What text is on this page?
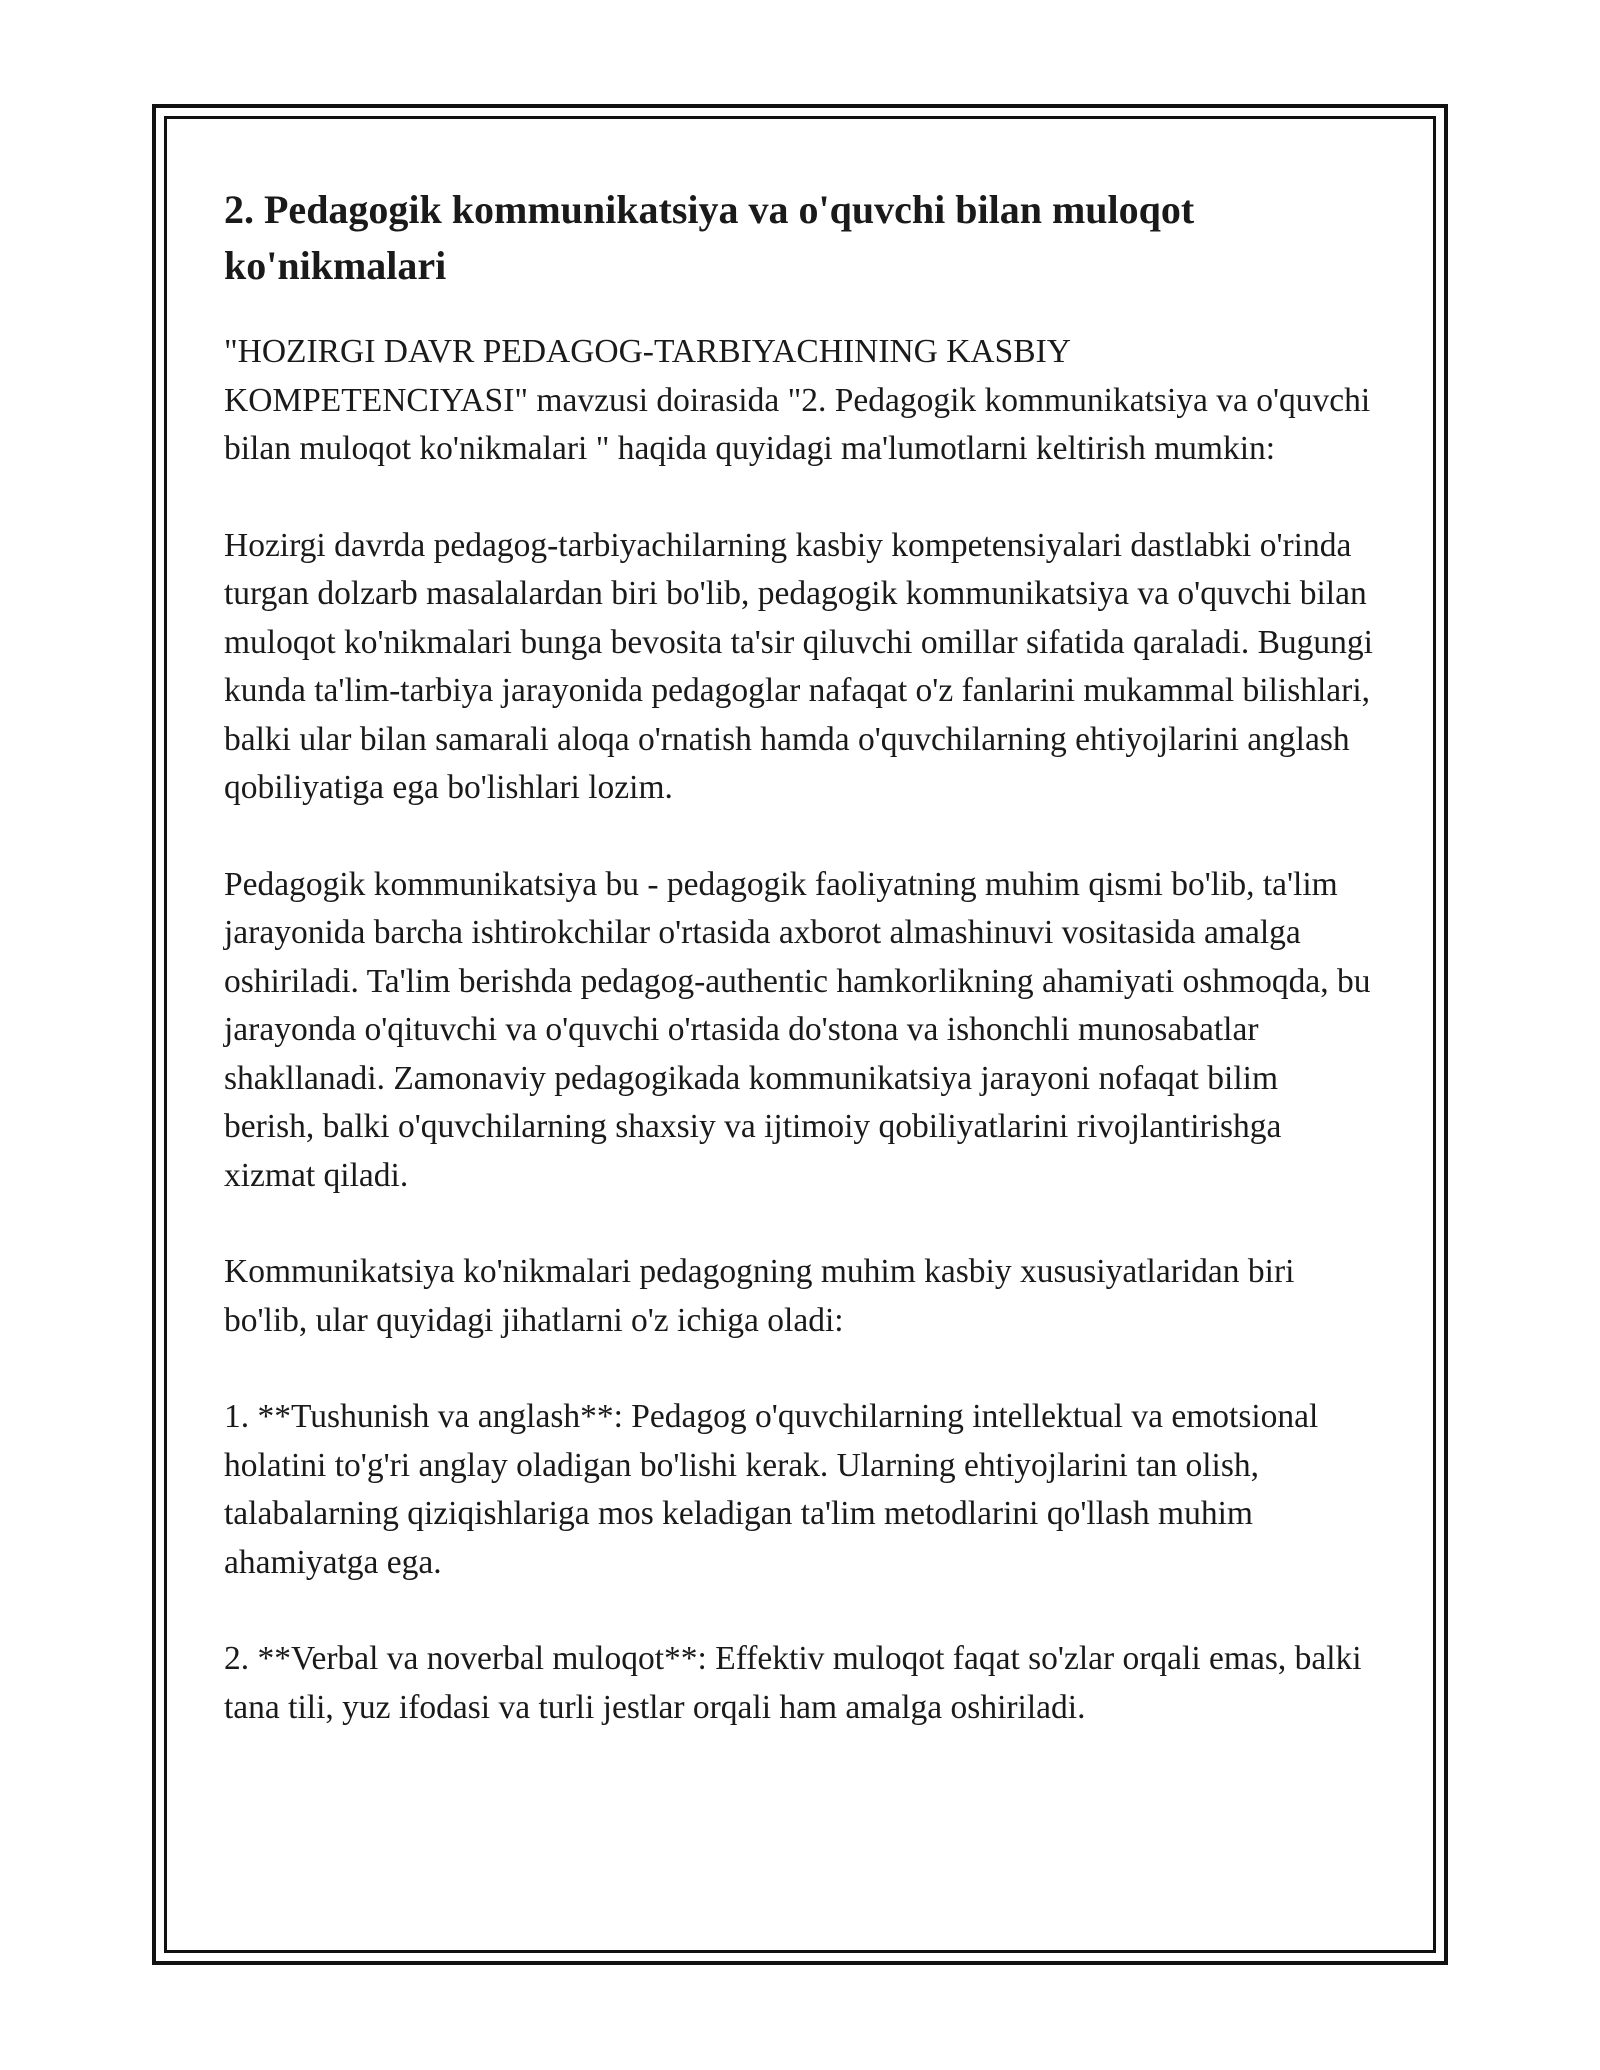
2. Pedagogik kommunikatsiya va o'quvchi bilan muloqot ko'nikmalari

"HOZIRGI DAVR PEDAGOG-TARBIYACHINING KASBIY KOMPETENCIYASI" mavzusi doirasida "2. Pedagogik kommunikatsiya va o'quvchi bilan muloqot ko'nikmalari " haqida quyidagi ma'lumotlarni keltirish mumkin:

Hozirgi davrda pedagog-tarbiyachilarning kasbiy kompetensiyalari dastlabki o'rinda turgan dolzarb masalalardan biri bo'lib, pedagogik kommunikatsiya va o'quvchi bilan muloqot ko'nikmalari bunga bevosita ta'sir qiluvchi omillar sifatida qaraladi. Bugungi kunda ta'lim-tarbiya jarayonida pedagoglar nafaqat o'z fanlarini mukammal bilishlari, balki ular bilan samarali aloqa o'rnatish hamda o'quvchilarning ehtiyojlarini anglash qobiliyatiga ega bo'lishlari lozim.

Pedagogik kommunikatsiya bu - pedagogik faoliyatning muhim qismi bo'lib, ta'lim jarayonida barcha ishtirokchilar o'rtasida axborot almashinuvi vositasida amalga oshiriladi. Ta'lim berishda pedagog-authentic hamkorlikning ahamiyati oshmoqda, bu jarayonda o'qituvchi va o'quvchi o'rtasida do'stona va ishonchli munosabatlar shakllanadi. Zamonaviy pedagogikada kommunikatsiya jarayoni nofaqat bilim berish, balki o'quvchilarning shaxsiy va ijtimoiy qobiliyatlarini rivojlantirishga xizmat qiladi.

Kommunikatsiya ko'nikmalari pedagogning muhim kasbiy xususiyatlaridan biri bo'lib, ular quyidagi jihatlarni o'z ichiga oladi:

1. **Tushunish va anglash**: Pedagog o'quvchilarning intellektual va emotsional holatini to'g'ri anglay oladigan bo'lishi kerak. Ularning ehtiyojlarini tan olish, talabalarning qiziqishlariga mos keladigan ta'lim metodlarini qo'llash muhim ahamiyatga ega.

2. **Verbal va noverbal muloqot**: Effektiv muloqot faqat so'zlar orqali emas, balki tana tili, yuz ifodasi va turli jestlar orqali ham amalga oshiriladi.
